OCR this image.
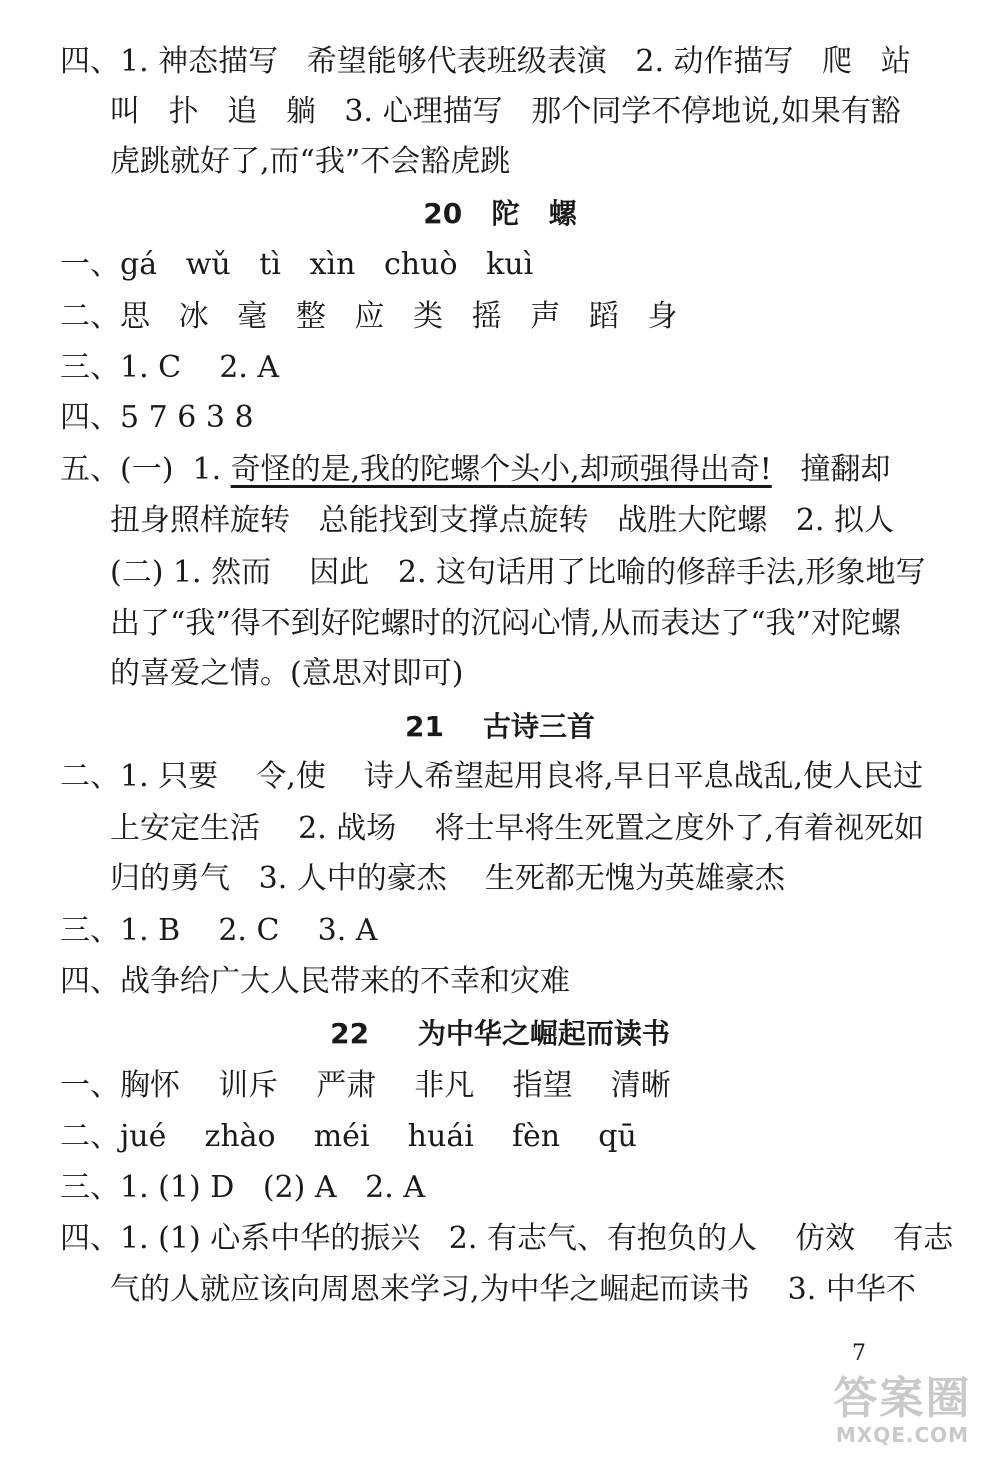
四、1. 神态描写   希望能够代表班级表演   2. 动作描写   爬   站
叫   扑   追   躺   3. 心理描写   那个同学不停地说,如果有豁
虎跳就好了,而“我”不会豁虎跳
20   陀   螺
一、gá   wǔ   tì   xìn   chuò   kuì
二、思   冰   毫   整   应   类   摇   声   蹈   身
三、1. C    2. A
四、5 7 6 3 8
五、(一)  1. 奇怪的是,我的陀螺个头小,却顽强得出奇!   撞翻却
扭身照样旋转   总能找到支撑点旋转   战胜大陀螺   2. 拟人
(二) 1. 然而    因此   2. 这句话用了比喻的修辞手法,形象地写
出了“我”得不到好陀螺时的沉闷心情,从而表达了“我”对陀螺
的喜爱之情。(意思对即可)
21    古诗三首
二、1. 只要    令,使    诗人希望起用良将,早日平息战乱,使人民过
上安定生活    2. 战场    将士早将生死置之度外了,有着视死如
归的勇气   3. 人中的豪杰    生死都无愧为英雄豪杰
三、1. B    2. C    3. A
四、战争给广大人民带来的不幸和灾难
22     为中华之崛起而读书
一、胸怀    训斥    严肃    非凡    指望    清晰
二、jué    zhào    méi    huái    fèn    qū
三、1. (1) D   (2) A   2. A
四、1. (1) 心系中华的振兴   2. 有志气、有抱负的人    仿效    有志
气的人就应该向周恩来学习,为中华之崛起而读书    3. 中华不
7
答案圈
MXQE.COM
